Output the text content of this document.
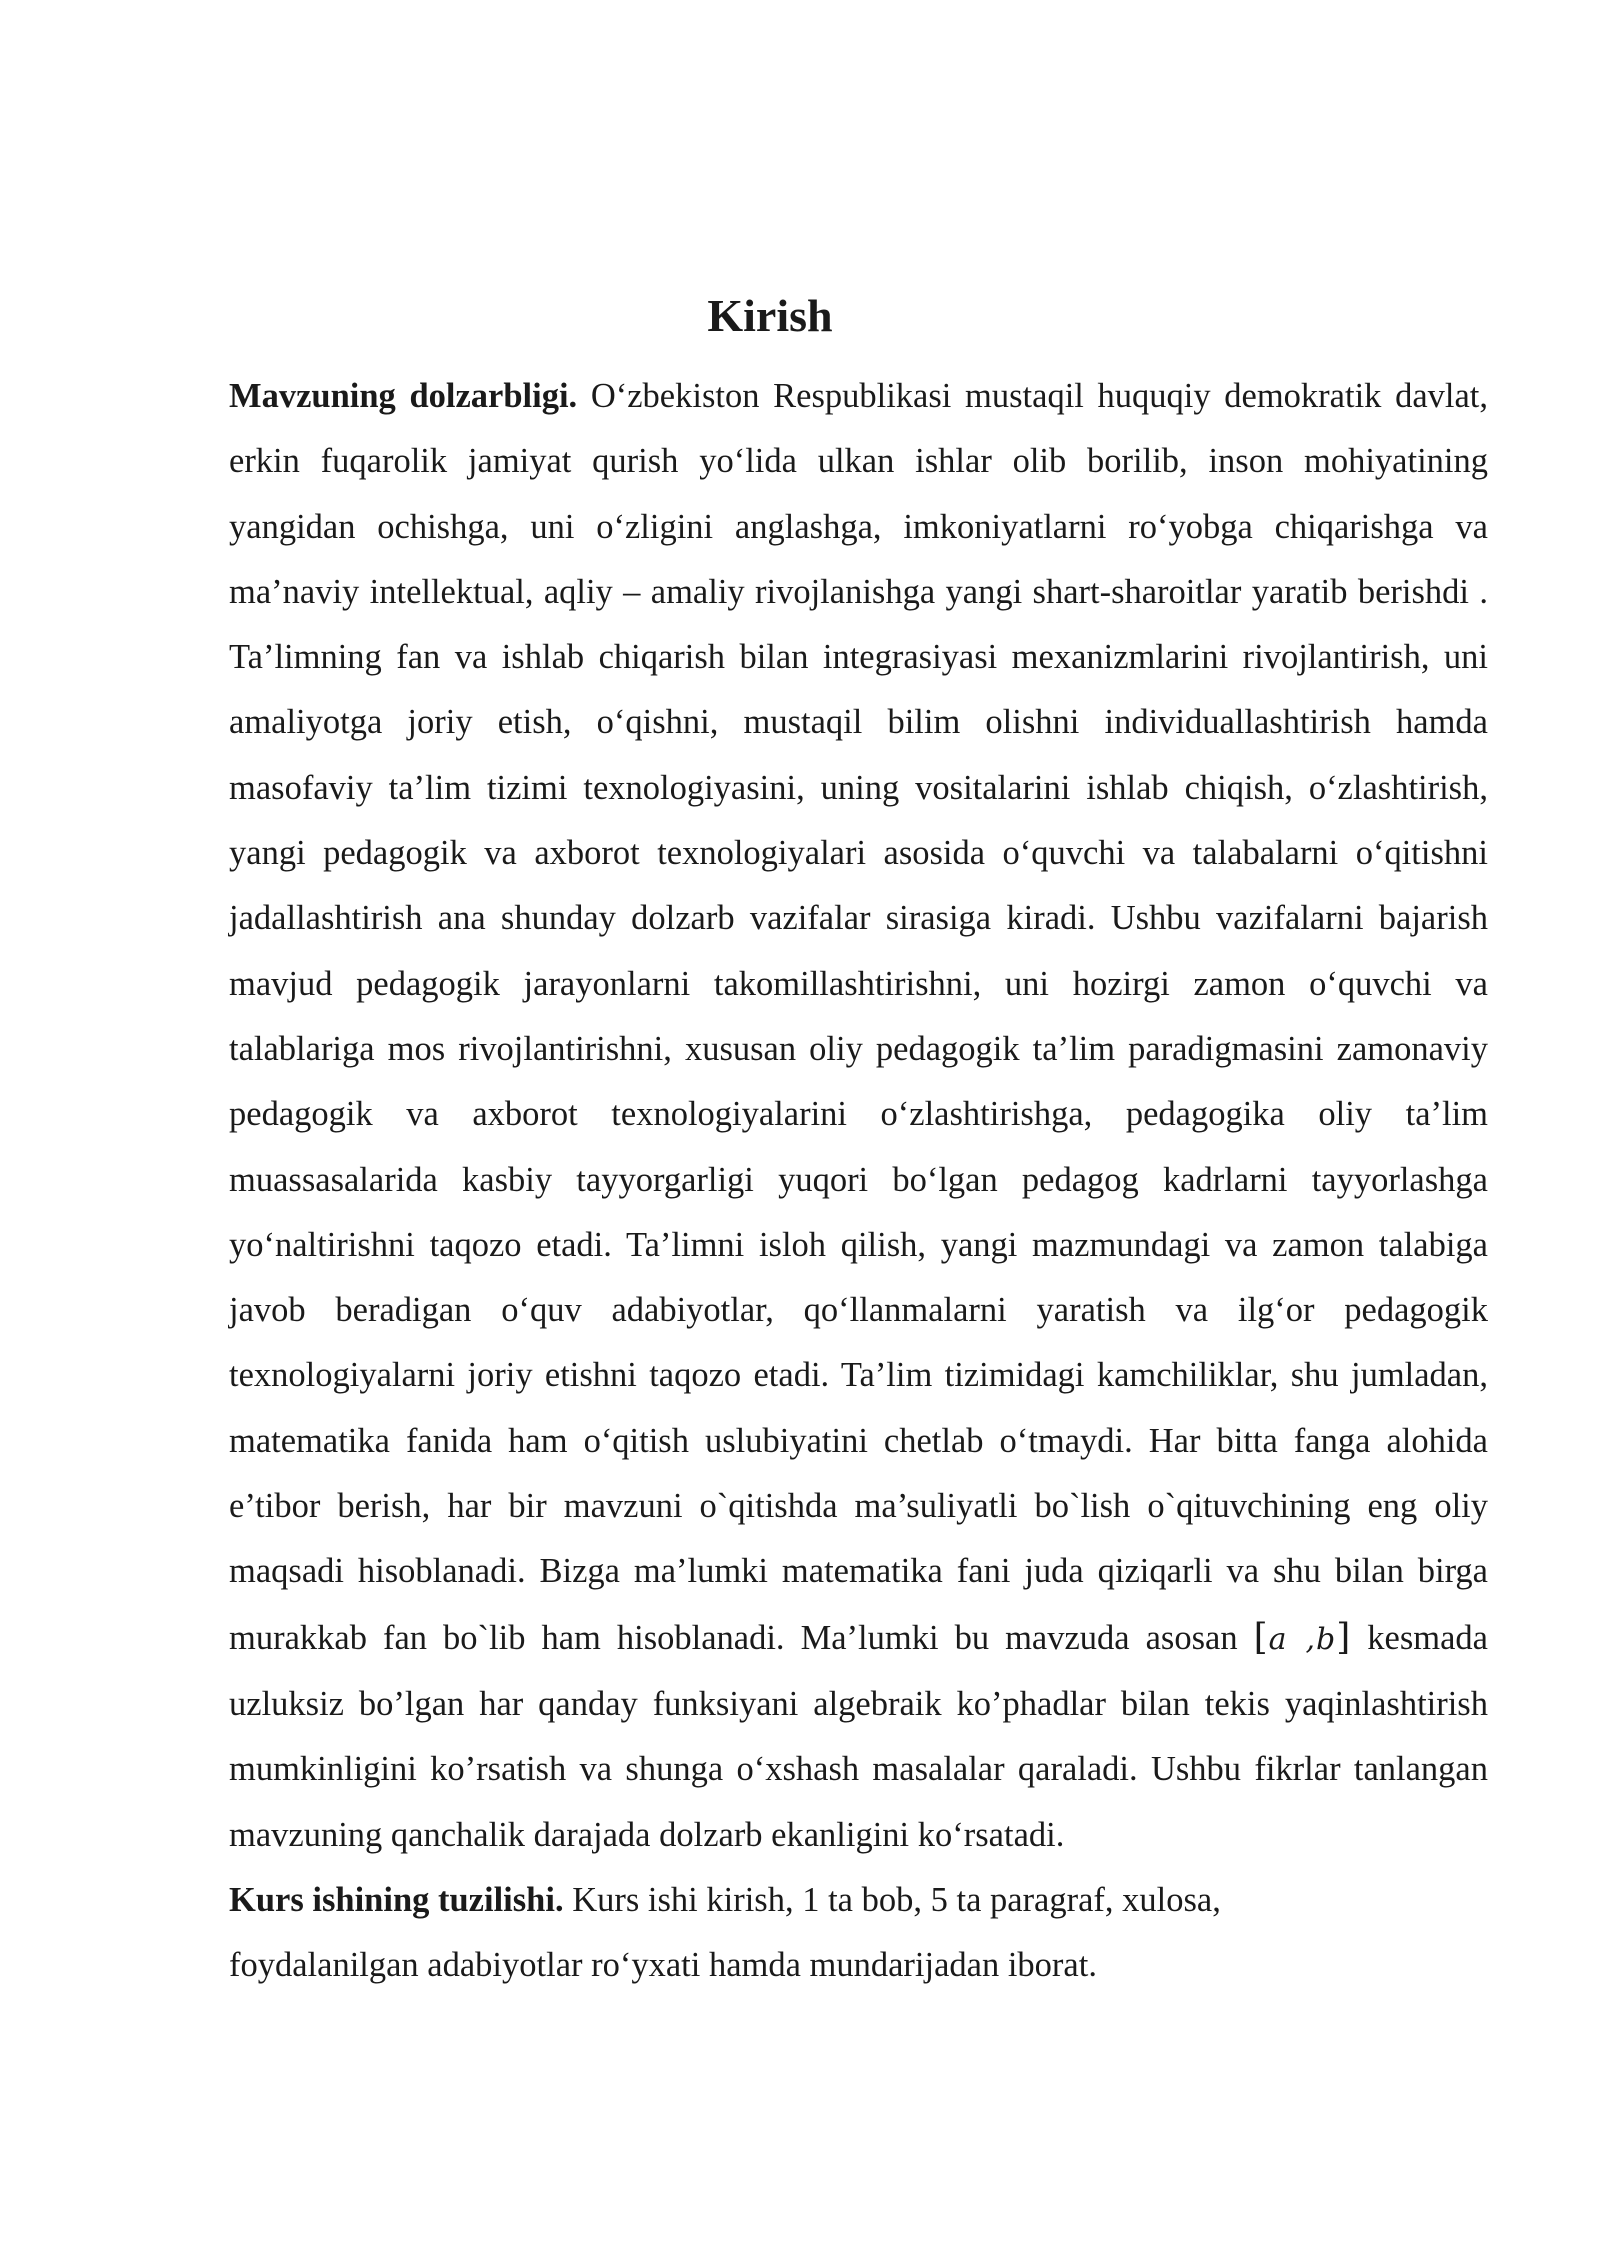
Kirish

Mavzuning dolzarbligi. O‘zbekiston Respublikasi mustaqil huquqiy demokratik davlat, erkin fuqarolik jamiyat qurish yo‘lida ulkan ishlar olib borilib, inson mohiyatining yangidan ochishga, uni o‘zligini anglashga, imkoniyatlarni ro‘yobga chiqarishga va ma’naviy intellektual, aqliy – amaliy rivojlanishga yangi shart-sharoitlar yaratib berishdi . Ta’limning fan va ishlab chiqarish bilan integrasiyasi mexanizmlarini rivojlantirish, uni amaliyotga joriy etish, o‘qishni, mustaqil bilim olishni individuallashtirish hamda masofaviy ta’lim tizimi texnologiyasini, uning vositalarini ishlab chiqish, o‘zlashtirish, yangi pedagogik va axborot texnologiyalari asosida o‘quvchi va talabalarni o‘qitishni jadallashtirish ana shunday dolzarb vazifalar sirasiga kiradi. Ushbu vazifalarni bajarish mavjud pedagogik jarayonlarni takomillashtirishni, uni hozirgi zamon o‘quvchi va talablariga mos rivojlantirishni, xususan oliy pedagogik ta’lim paradigmasini zamonaviy pedagogik va axborot texnologiyalarini o‘zlashtirishga, pedagogika oliy ta’lim muassasalarida kasbiy tayyorgarligi yuqori bo‘lgan pedagog kadrlarni tayyorlashga yo‘naltirishni taqozo etadi. Ta’limni isloh qilish, yangi mazmundagi va zamon talabiga javob beradigan o‘quv adabiyotlar, qo‘llanmalarni yaratish va ilg‘or pedagogik texnologiyalarni joriy etishni taqozo etadi. Ta’lim tizimidagi kamchiliklar, shu jumladan, matematika fanida ham o‘qitish uslubiyatini chetlab o‘tmaydi. Har bitta fanga alohida e’tibor berish, har bir mavzuni o`qitishda ma’suliyatli bo`lish o`qituvchining eng oliy maqsadi hisoblanadi. Bizga ma’lumki matematika fani juda qiziqarli va shu bilan birga murakkab fan bo`lib ham hisoblanadi. Ma’lumki bu mavzuda asosan [a ,b] kesmada uzluksiz bo’lgan har qanday funksiyani algebraik ko’phadlar bilan tekis yaqinlashtirish mumkinligini ko’rsatish va shunga o‘xshash masalalar qaraladi. Ushbu fikrlar tanlangan mavzuning qanchalik darajada dolzarb ekanligini ko‘rsatadi.

Kurs ishining tuzilishi. Kurs ishi kirish, 1 ta bob, 5 ta paragraf, xulosa,
foydalanilgan adabiyotlar ro‘yxati hamda mundarijadan iborat.
